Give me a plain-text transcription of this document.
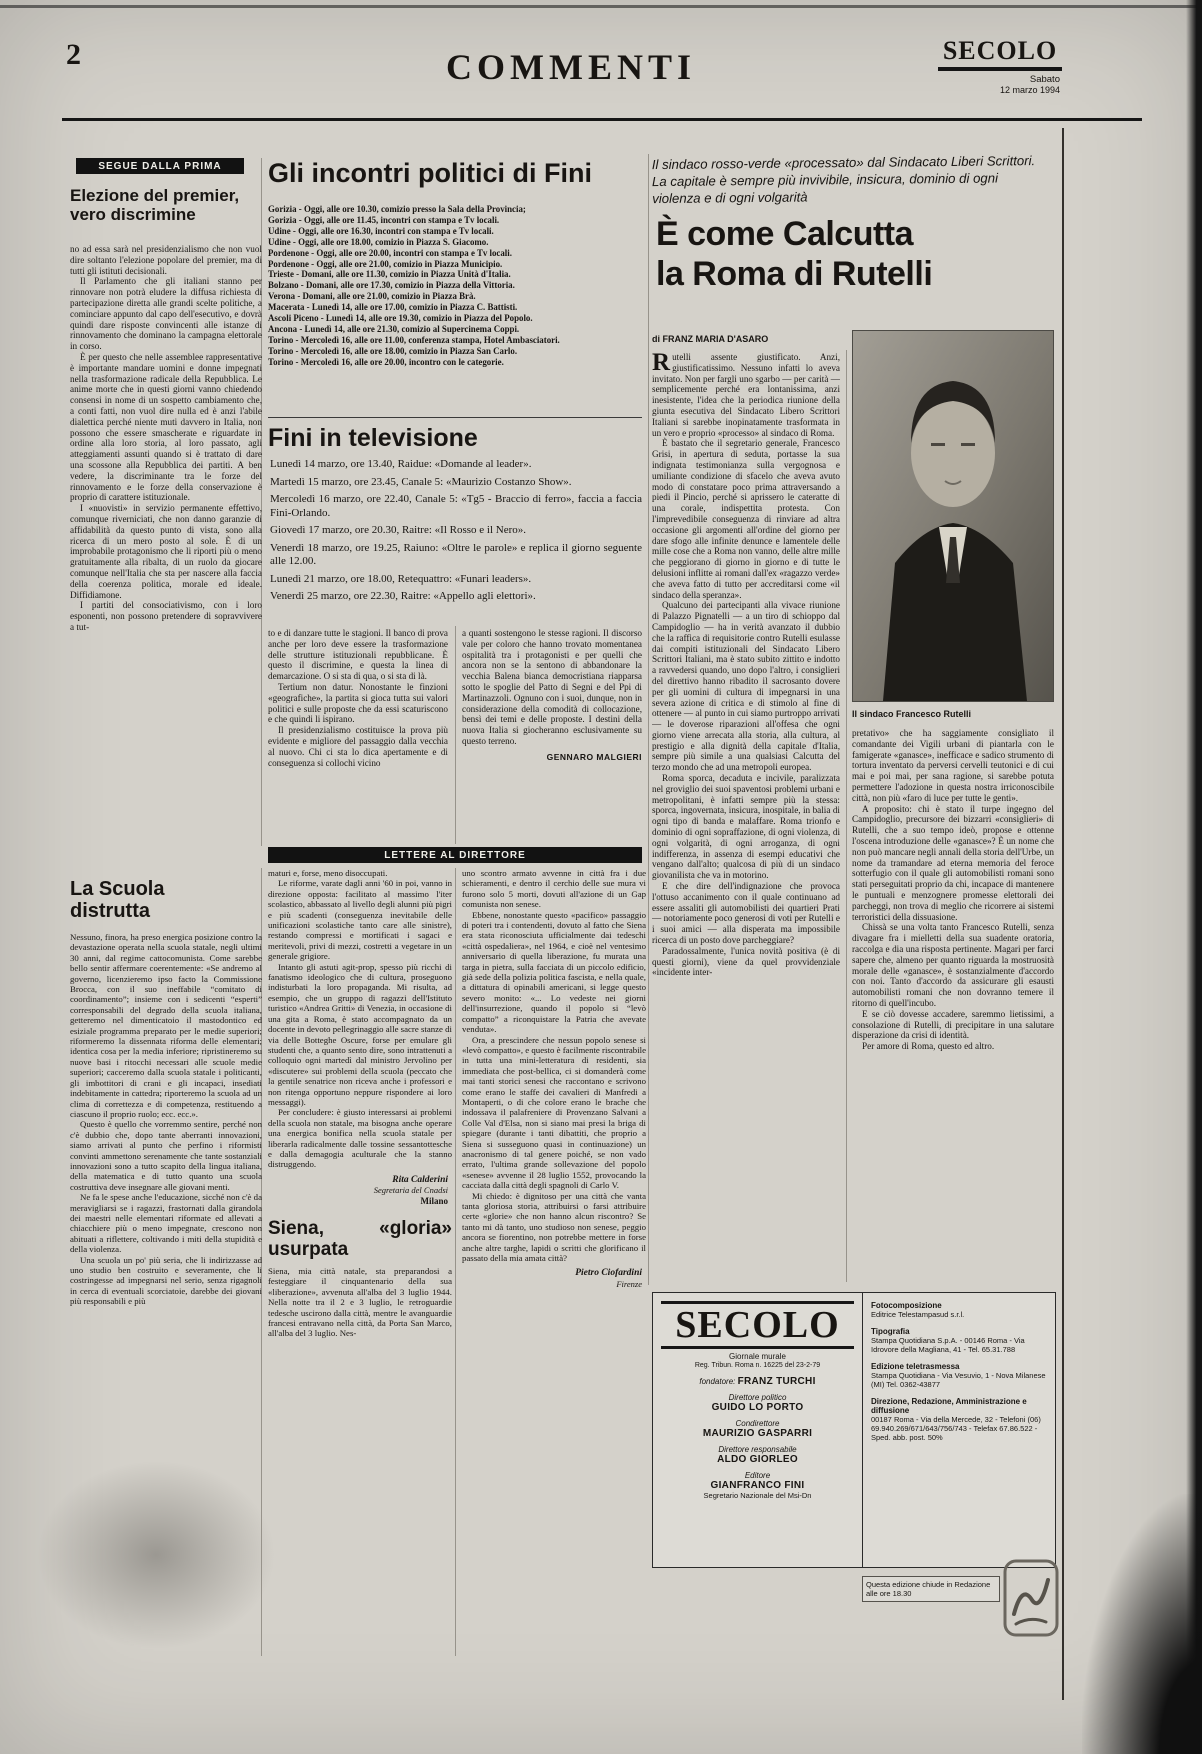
2	COMMENTI	SECOLO
Sabato
12 marzo 1994
SEGUE DALLA PRIMA
Elezione del premier, vero discrimine

no ad essa sarà nel presidenzialismo che non vuol dire soltanto l'elezione popolare del premier, ma di tutti gli istituti decisionali.

Il Parlamento che gli italiani stanno per rinnovare non potrà eludere la diffusa richiesta di partecipazione diretta alle grandi scelte politiche, a cominciare appunto dal capo dell'esecutivo, e dovrà quindi dare risposte convincenti alle istanze di rinnovamento che dominano la campagna elettorale in corso.

È per questo che nelle assemblee rappresentative è importante mandare uomini e donne impegnati nella trasformazione radicale della Repubblica. Le anime morte che in questi giorni vanno chiedendo consensi in nome di un sospetto cambiamento che, a conti fatti, non vuol dire nulla ed è anzi l'abile dialettica perché niente muti davvero in Italia, non possono che essere smascherate e riguardate in ordine alla loro storia, al loro passato, agli atteggiamenti assunti quando si è trattato di dare una scossone alla Repubblica dei partiti. A ben vedere, la discriminante tra le forze del rinnovamento e le forze della conservazione è proprio di carattere istituzionale.

I «nuovisti» in servizio permanente effettivo, comunque riverniciati, che non danno garanzie di affidabilità da questo punto di vista, sono alla ricerca di un mero posto al sole. È di un improbabile protagonismo che li riporti più o meno gratuitamente alla ribalta, di un ruolo da giocare comunque nell'Italia che sta per nascere alla faccia della coerenza politica, morale ed ideale. Diffidiamone.

I partiti del consociativismo, con i loro esponenti, non possono pretendere di sopravvivere a tut-

Gli incontri politici di Fini

Gorizia - Oggi, alle ore 10.30, comizio presso la Sala della Provincia;

Gorizia - Oggi, alle ore 11.45, incontri con stampa e Tv locali.

Udine - Oggi, alle ore 16.30, incontri con stampa e Tv locali.

Udine - Oggi, alle ore 18.00, comizio in Piazza S. Giacomo.

Pordenone - Oggi, alle ore 20.00, incontri con stampa e Tv locali.

Pordenone - Oggi, alle ore 21.00, comizio in Piazza Municipio.

Trieste - Domani, alle ore 11.30, comizio in Piazza Unità d'Italia.

Bolzano - Domani, alle ore 17.30, comizio in Piazza della Vittoria.

Verona - Domani, alle ore 21.00, comizio in Piazza Brà.

Macerata - Lunedì 14, alle ore 17.00, comizio in Piazza C. Battisti.

Ascoli Piceno - Lunedì 14, alle ore 19.30, comizio in Piazza del Popolo.

Ancona - Lunedì 14, alle ore 21.30, comizio al Supercinema Coppi.

Torino - Mercoledì 16, alle ore 11.00, conferenza stampa, Hotel Ambasciatori.

Torino - Mercoledì 16, alle ore 18.00, comizio in Piazza San Carlo.

Torino - Mercoledì 16, alle ore 20.00, incontro con le categorie.

Fini in televisione

Lunedì 14 marzo, ore 13.40, Raidue: «Domande al leader».

Martedì 15 marzo, ore 23.45, Canale 5: «Maurizio Costanzo Show».

Mercoledì 16 marzo, ore 22.40, Canale 5: «Tg5 - Braccio di ferro», faccia a faccia Fini-Orlando.

Giovedì 17 marzo, ore 20.30, Raitre: «Il Rosso e il Nero».

Venerdì 18 marzo, ore 19.25, Raiuno: «Oltre le parole» e replica il giorno seguente alle 12.00.

Lunedì 21 marzo, ore 18.00, Retequattro: «Funari leaders».

Venerdì 25 marzo, ore 22.30, Raitre: «Appello agli elettori».

to e di danzare tutte le stagioni. Il banco di prova anche per loro deve essere la trasformazione delle strutture istituzionali repubblicane. È questo il discrimine, e questa la linea di demarcazione. O si sta di qua, o si sta di là.

Tertium non datur. Nonostante le finzioni «geografiche», la partita si gioca tutta sui valori politici e sulle proposte che da essi scaturiscono e che quindi li ispirano.

Il presidenzialismo costituisce la prova più evidente e migliore del passaggio dalla vecchia al nuovo. Chi ci sta lo dica apertamente e di conseguenza si collochi vicino

a quanti sostengono le stesse ragioni. Il discorso vale per coloro che hanno trovato momentanea ospitalità tra i protagonisti e per quelli che ancora non se la sentono di abbandonare la vecchia Balena bianca democristiana riapparsa sotto le spoglie del Patto di Segni e del Ppi di Martinazzoli. Ognuno con i suoi, dunque, non in considerazione della comodità di collocazione, bensì dei temi e delle proposte. I destini della nuova Italia si giocheranno esclusivamente su questo terreno.

GENNARO MALGIERI
LETTERE AL DIRETTORE
La Scuola distrutta

Nessuno, finora, ha preso energica posizione contro la devastazione operata nella scuola statale, negli ultimi 30 anni, dal regime cattocomunista. Come sarebbe bello sentir affermare coerentemente: «Se andremo al governo, licenzieremo ipso facto la Commissione Brocca, con il suo ineffabile “comitato di coordinamento”; insieme con i sedicenti “esperti” corresponsabili del degrado della scuola italiana, getteremo nel dimenticatoio il mastodontico ed esiziale programma preparato per le medie superiori; riformeremo la dissennata riforma delle elementari; identica cosa per la media inferiore; ripristineremo su nuove basi i ritocchi necessari alle scuole medie superiori; cacceremo dalla scuola statale i politicanti, gli imbottitori di crani e gli incapaci, insediati indebitamente in cattedra; riporteremo la scuola ad un clima di correttezza e di competenza, restituendo a ciascuno il proprio ruolo; ecc. ecc.».

Questo è quello che vorremmo sentire, perché non c'è dubbio che, dopo tante aberranti innovazioni, siamo arrivati al punto che perfino i riformisti convinti ammettono serenamente che tante sostanziali innovazioni sono a tutto scapito della lingua italiana, della matematica e di tutto quanto una scuola costruttiva deve insegnare alle giovani menti.

Ne fa le spese anche l'educazione, sicché non c'è da meravigliarsi se i ragazzi, frastornati dalla girandola dei maestri nelle elementari riformate ed allevati a chiacchiere più o meno impegnate, crescono non abituati a riflettere, coltivando i miti della stupidità e della violenza.

Una scuola un po' più seria, che li indirizzasse ad uno studio ben costruito e severamente, che li costringesse ad impegnarsi nel serio, senza rigagnoli in cerca di eventuali scorciatoie, darebbe dei giovani più responsabili e più

maturi e, forse, meno disoccupati.

Le riforme, varate dagli anni '60 in poi, vanno in direzione opposta: facilitato al massimo l'iter scolastico, abbassato al livello degli alunni più pigri e più scadenti (conseguenza inevitabile delle unificazioni scolastiche tanto care alle sinistre), restando compressi e mortificati i sagaci e meritevoli, privi di mezzi, costretti a vegetare in un generale grigiore.

Intanto gli astuti agit-prop, spesso più ricchi di fanatismo ideologico che di cultura, proseguono indisturbati la loro propaganda. Mi risulta, ad esempio, che un gruppo di ragazzi dell'Istituto turistico «Andrea Gritti» di Venezia, in occasione di una gita a Roma, è stato accompagnato da un docente in devoto pellegrinaggio alle sacre stanze di via delle Botteghe Oscure, forse per emulare gli studenti che, a quanto sento dire, sono intrattenuti a colloquio ogni martedì dal ministro Jervolino per «discutere» sui problemi della scuola (peccato che la gentile senatrice non riceva anche i professori e non ritenga opportuno neppure rispondere ai loro messaggi).

Per concludere: è giusto interessarsi ai problemi della scuola non statale, ma bisogna anche operare una energica bonifica nella scuola statale per liberarla radicalmente dalle tossine sessantottesche e dalla demagogia aculturale che la stanno distruggendo.

Rita Calderini
Segretaria del Cnadsi
Milano
Siena, «gloria» usurpata

Siena, mia città natale, sta preparandosi a festeggiare il cinquantenario della sua «liberazione», avvenuta all'alba del 3 luglio 1944. Nella notte tra il 2 e 3 luglio, le retroguardie tedesche uscirono dalla città, mentre le avanguardie francesi entravano nella città, da Porta San Marco, all'alba del 3 luglio. Nes-

uno scontro armato avvenne in città fra i due schieramenti, e dentro il cerchio delle sue mura vi furono solo 5 morti, dovuti all'azione di un Gap comunista non senese.

Ebbene, nonostante questo «pacifico» passaggio di poteri tra i contendenti, dovuto al fatto che Siena era stata riconosciuta ufficialmente dai tedeschi «città ospedaliera», nel 1964, e cioè nel ventesimo anniversario di quella liberazione, fu murata una targa in pietra, sulla facciata di un piccolo edificio, già sede della polizia politica fascista, e nella quale, a dittatura di opinabili americani, si legge questo severo monito: «... Lo vedeste nei giorni dell'insurrezione, quando il popolo si “levò compatto” a riconquistare la Patria che avevate venduta».

Ora, a prescindere che nessun popolo senese si «levò compatto», e questo è facilmente riscontrabile in tutta una mini-letteratura di residenti, sia immediata che post-bellica, ci si domanderà come mai tanti storici senesi che raccontano e scrivono come erano le staffe dei cavalieri di Manfredi a Montaperti, o di che colore erano le brache che indossava il palafreniere di Provenzano Salvani a Colle Val d'Elsa, non si siano mai presi la briga di spiegare (durante i tanti dibattiti, che proprio a Siena si susseguono quasi in continuazione) un anacronismo di tal genere poiché, se non vado errato, l'ultima grande sollevazione del popolo «senese» avvenne il 28 luglio 1552, provocando la cacciata dalla città degli spagnoli di Carlo V.

Mi chiedo: è dignitoso per una città che vanta tanta gloriosa storia, attribuirsi o farsi attribuire certe «glorie» che non hanno alcun riscontro? Se tanto mi dà tanto, uno studioso non senese, peggio ancora se fiorentino, non potrebbe mettere in forse anche altre targhe, lapidi o scritti che glorificano il passato della mia amata città?

Pietro Ciofardini
Firenze
Il sindaco rosso-verde «processato» dal Sindacato Liberi Scrittori. La capitale è sempre più invivibile, insicura, dominio di ogni violenza e di ogni volgarità
È come Calcutta
la Roma di Rutelli
di FRANZ MARIA D'ASARO

Rutelli assente giustificato. Anzi, giustificatissimo. Nessuno infatti lo aveva invitato. Non per fargli uno sgarbo — per carità — semplicemente perché era lontanissima, anzi inesistente, l'idea che la periodica riunione della giunta esecutiva del Sindacato Libero Scrittori Italiani si sarebbe inopinatamente trasformata in un vero e proprio «processo» al sindaco di Roma.

È bastato che il segretario generale, Francesco Grisi, in apertura di seduta, portasse la sua indignata testimonianza sulla vergognosa e umiliante condizione di sfacelo che aveva avuto modo di constatare poco prima attraversando a piedi il Pincio, perché si aprissero le cateratte di una corale, indispettita protesta. Con l'imprevedibile conseguenza di rinviare ad altra occasione gli argomenti all'ordine del giorno per dare sfogo alle infinite denunce e lamentele delle mille cose che a Roma non vanno, delle altre mille che peggiorano di giorno in giorno e di tutte le delusioni inflitte ai romani dall'ex «ragazzo verde» che aveva fatto di tutto per accreditarsi come «il sindaco della speranza».

Qualcuno dei partecipanti alla vivace riunione di Palazzo Pignatelli — a un tiro di schioppo dal Campidoglio — ha in verità avanzato il dubbio che la raffica di requisitorie contro Rutelli esulasse dai compiti istituzionali del Sindacato Libero Scrittori Italiani, ma è stato subito zittito e indotto a ravvedersi quando, uno dopo l'altro, i consiglieri del direttivo hanno ribadito il sacrosanto dovere per gli uomini di cultura di impegnarsi in una severa azione di critica e di stimolo al fine di ottenere — al punto in cui siamo purtroppo arrivati — le doverose riparazioni all'offesa che ogni giorno viene arrecata alla storia, alla cultura, al prestigio e alla dignità della capitale d'Italia, sempre più simile a una qualsiasi Calcutta del terzo mondo che ad una metropoli europea.

Roma sporca, decaduta e incivile, paralizzata nel groviglio dei suoi spaventosi problemi urbani e metropolitani, è infatti sempre più la stessa: sporca, ingovernata, insicura, inospitale, in balia di ogni tipo di banda e malaffare. Roma trionfo e dominio di ogni sopraffazione, di ogni violenza, di ogni volgarità, di ogni arroganza, di ogni indifferenza, in assenza di esempi educativi che vengano dall'alto; qualcosa di più di un sindaco giovanilista che va in motorino.

E che dire dell'indignazione che provoca l'ottuso accanimento con il quale continuano ad essere assaliti gli automobilisti dei quartieri Prati — notoriamente poco generosi di voti per Rutelli e i suoi amici — alla disperata ma impossibile ricerca di un posto dove parcheggiare?

Paradossalmente, l'unica novità positiva (è di questi giorni), viene da quel provvidenziale «incidente inter-

Il sindaco Francesco Rutelli

pretativo» che ha saggiamente consigliato il comandante dei Vigili urbani di piantarla con le famigerate «ganasce», inefficace e sadico strumento di tortura inventato da perversi cervelli teutonici e di cui mai e poi mai, per sana ragione, si sarebbe potuta permettere l'adozione in questa nostra irriconoscibile città, non più «faro di luce per tutte le genti».

A proposito: chi è stato il turpe ingegno del Campidoglio, precursore dei bizzarri «consiglieri» di Rutelli, che a suo tempo ideò, propose e ottenne l'oscena introduzione delle «ganasce»? È un nome che non può mancare negli annali della storia dell'Urbe, un nome da tramandare ad eterna memoria del feroce sotterfugio con il quale gli automobilisti romani sono stati perseguitati proprio da chi, incapace di mantenere le puntuali e menzognere promesse elettorali dei parcheggi, non trova di meglio che ricorrere ai sistemi terroristici della dissuasione.

Chissà se una volta tanto Francesco Rutelli, senza divagare fra i mielletti della sua suadente oratoria, raccolga e dia una risposta pertinente. Magari per farci sapere che, almeno per quanto riguarda la mostruosità morale delle «ganasce», è sostanzialmente d'accordo con noi. Tanto d'accordo da assicurare gli esausti automobilisti romani che non dovranno temere il ritorno di quell'incubo.

E se ciò dovesse accadere, saremmo lietissimi, a consolazione di Rutelli, di precipitare in una salutare disperazione da crisi di identità.

Per amore di Roma, questo ed altro.

SECOLO
Giornale murale
Reg. Tribun. Roma n. 16225 del 23-2-79
fondatore: FRANZ TURCHI
Direttore politico
GUIDO LO PORTO
Condirettore
MAURIZIO GASPARRI
Direttore responsabile
ALDO GIORLEO
Editore
GIANFRANCO FINI
Segretario Nazionale del Msi-Dn
Fotocomposizione
Editrice Telestampasud s.r.l.
Tipografia
Stampa Quotidiana S.p.A. - 00146 Roma - Via Idrovore della Magliana, 41 - Tel. 65.31.788
Edizione teletrasmessa
Stampa Quotidiana - Via Vesuvio, 1 - Nova Milanese (MI) Tel. 0362-43877
Direzione, Redazione, Amministrazione e diffusione
00187 Roma - Via della Mercede, 32 - Telefoni (06) 69.940.269/671/643/756/743 - Telefax 67.86.522 - Sped. abb. post. 50%
Questa edizione chiude in Redazione alle ore 18.30
